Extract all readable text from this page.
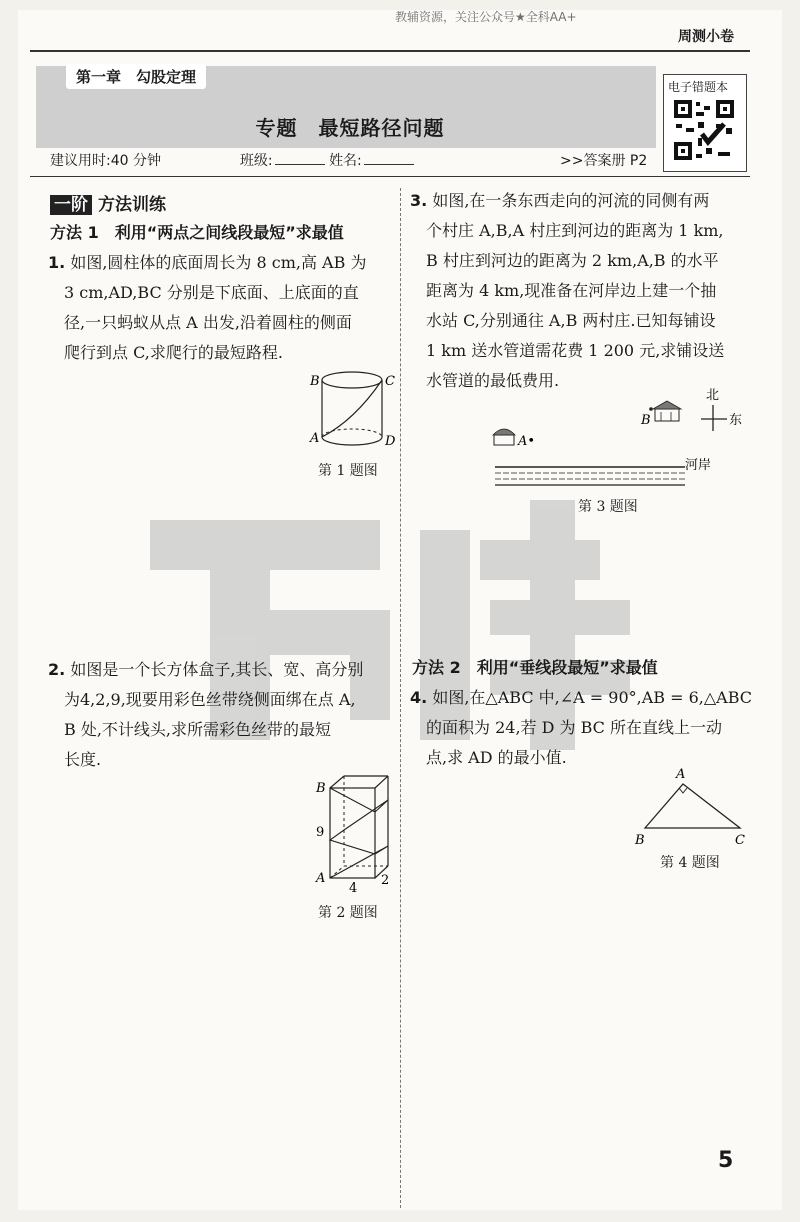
教辅资源，关注公众号★全科AA+
周测小卷
第一章　勾股定理
专题　最短路径问题
建议用时:40 分钟	班级:	姓名:	>>答案册 P2
电子错题本
一阶 方法训练
方法 1　利用“两点之间线段最短”求最值
1. 如图,圆柱体的底面周长为 8 cm,高 AB 为
3 cm,AD,BC 分别是下底面、上底面的直
径,一只蚂蚁从点 A 出发,沿着圆柱的侧面
爬行到点 C,求爬行的最短路程.
B	C
A	D
第 1 题图
2. 如图是一个长方体盒子,其长、宽、高分别
为4,2,9,现要用彩色丝带绕侧面绑在点 A,
B 处,不计线头,求所需彩色丝带的最短
长度.
B
A
9
4
2
第 2 题图
3. 如图,在一条东西走向的河流的同侧有两
个村庄 A,B,A 村庄到河边的距离为 1 km,
B 村庄到河边的距离为 2 km,A,B 的水平
距离为 4 km,现准备在河岸边上建一个抽
水站 C,分别通往 A,B 两村庄.已知每铺设
1 km 送水管道需花费 1 200 元,求铺设送
水管道的最低费用.
北
东
B
A•
河岸
第 3 题图
方法 2　利用“垂线段最短”求最值
4. 如图,在△ABC 中,∠A = 90°,AB = 6,△ABC
的面积为 24,若 D 为 BC 所在直线上一动
点,求 AD 的最小值.
A
B	C
第 4 题图
5
